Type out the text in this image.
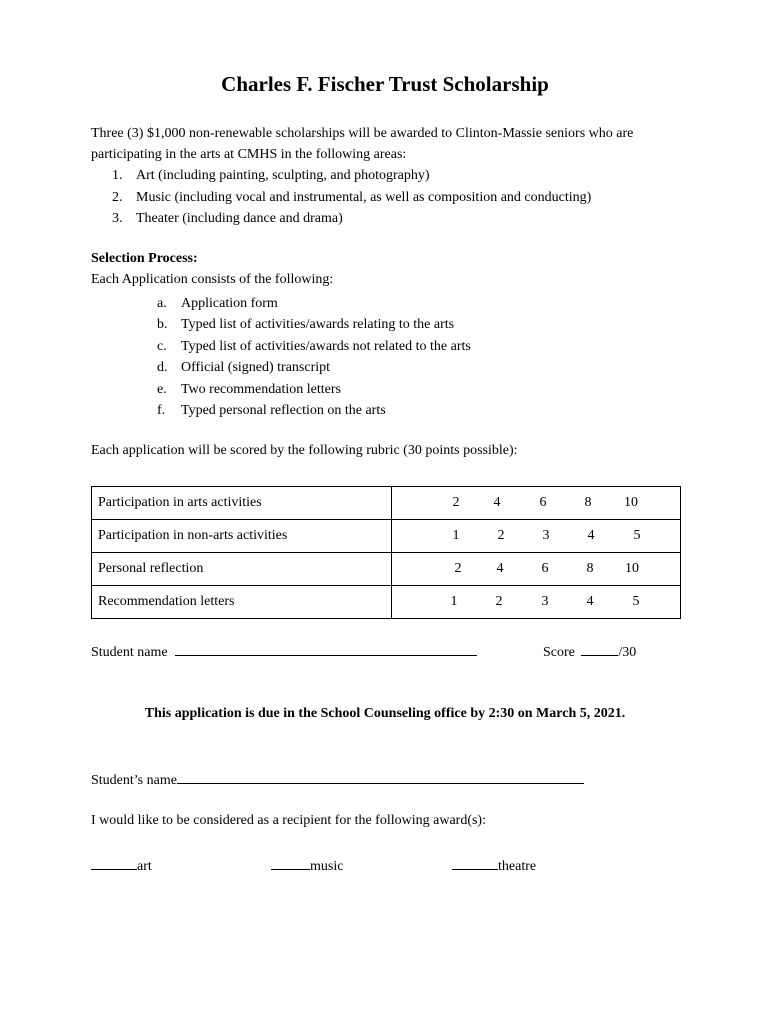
Charles F. Fischer Trust Scholarship
Three (3) $1,000 non-renewable scholarships will be awarded to Clinton-Massie seniors who are participating in the arts at CMHS in the following areas:
1. Art (including painting, sculpting, and photography)
2. Music (including vocal and instrumental, as well as composition and conducting)
3. Theater (including dance and drama)
Selection Process:
Each Application consists of the following:
a. Application form
b. Typed list of activities/awards relating to the arts
c. Typed list of activities/awards not related to the arts
d. Official (signed) transcript
e. Two recommendation letters
f. Typed personal reflection on the arts
Each application will be scored by the following rubric (30 points possible):
Participation in arts activities	2 4 6 8 10

Participation in non-arts activities	1 2 3 4 5

Personal reflection	2 4 6 8 10

Recommendation letters	1 2 3 4 5
Student name	Score	/30
This application is due in the School Counseling office by 2:30 on March 5, 2021.
Student’s name
I would like to be considered as a recipient for the following award(s):
art	music	theatre
